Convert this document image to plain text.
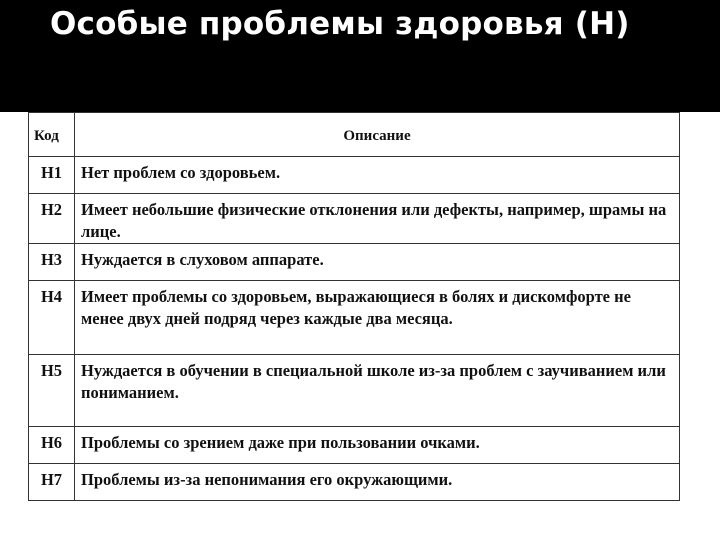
Особые проблемы здоровья (Н)
Код	Описание
Н1	Нет проблем со здоровьем.
Н2	Имеет небольшие физические отклонения или дефекты, например, шрамы на лице.
Н3	Нуждается в слуховом аппарате.
Н4	Имеет проблемы со здоровьем, выражающиеся в болях и дискомфорте не менее двух дней подряд через каждые два месяца.
Н5	Нуждается в обучении в специальной школе из-за проблем с заучиванием или пониманием.
Н6	Проблемы со зрением даже при пользовании очками.
Н7	Проблемы из-за непонимания его окружающими.
